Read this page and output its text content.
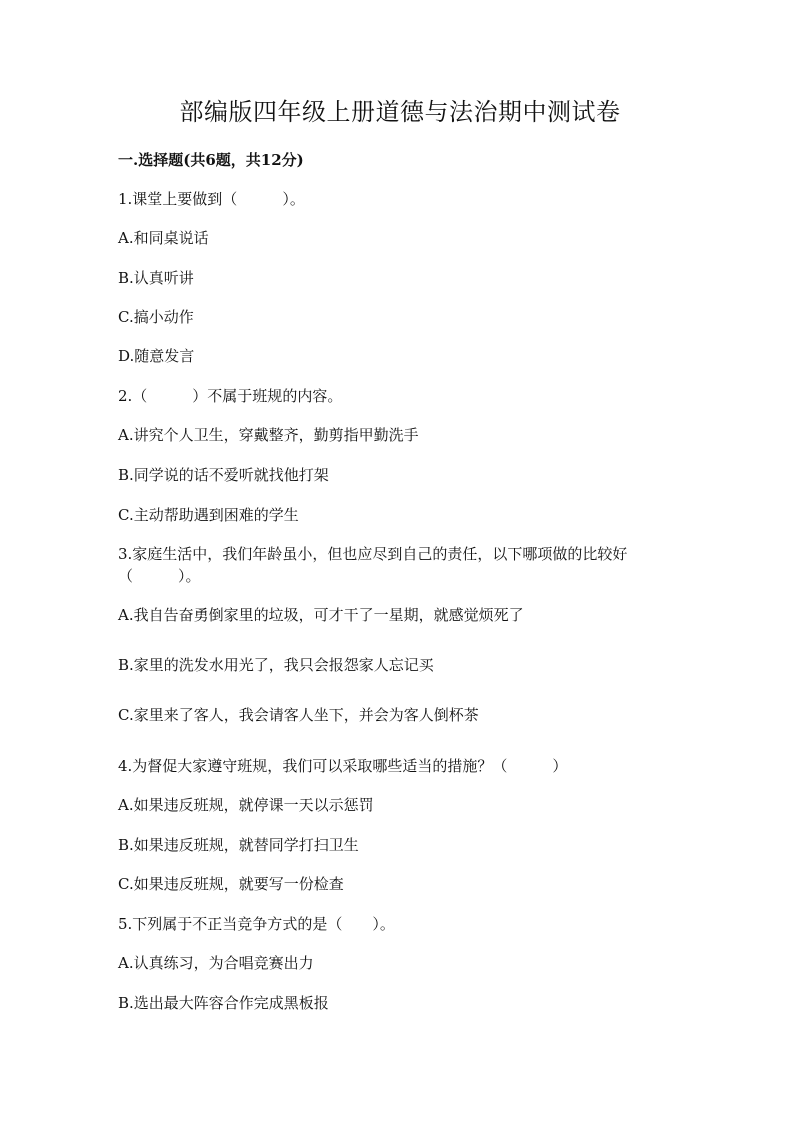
部编版四年级上册道德与法治期中测试卷
一.选择题(共6题，共12分)
1.课堂上要做到（　　　）。
A.和同桌说话
B.认真听讲
C.搞小动作
D.随意发言
2.（　　　）不属于班规的内容。
A.讲究个人卫生，穿戴整齐，勤剪指甲勤洗手
B.同学说的话不爱听就找他打架
C.主动帮助遇到困难的学生
3.家庭生活中，我们年龄虽小，但也应尽到自己的责任，以下哪项做的比较好
（　　　）。
A.我自告奋勇倒家里的垃圾，可才干了一星期，就感觉烦死了
B.家里的洗发水用光了，我只会报怨家人忘记买
C.家里来了客人，我会请客人坐下，并会为客人倒杯茶
4.为督促大家遵守班规，我们可以采取哪些适当的措施？（　　　）
A.如果违反班规，就停课一天以示惩罚
B.如果违反班规，就替同学打扫卫生
C.如果违反班规，就要写一份检查
5.下列属于不正当竞争方式的是（　　）。
A.认真练习，为合唱竞赛出力
B.选出最大阵容合作完成黑板报
